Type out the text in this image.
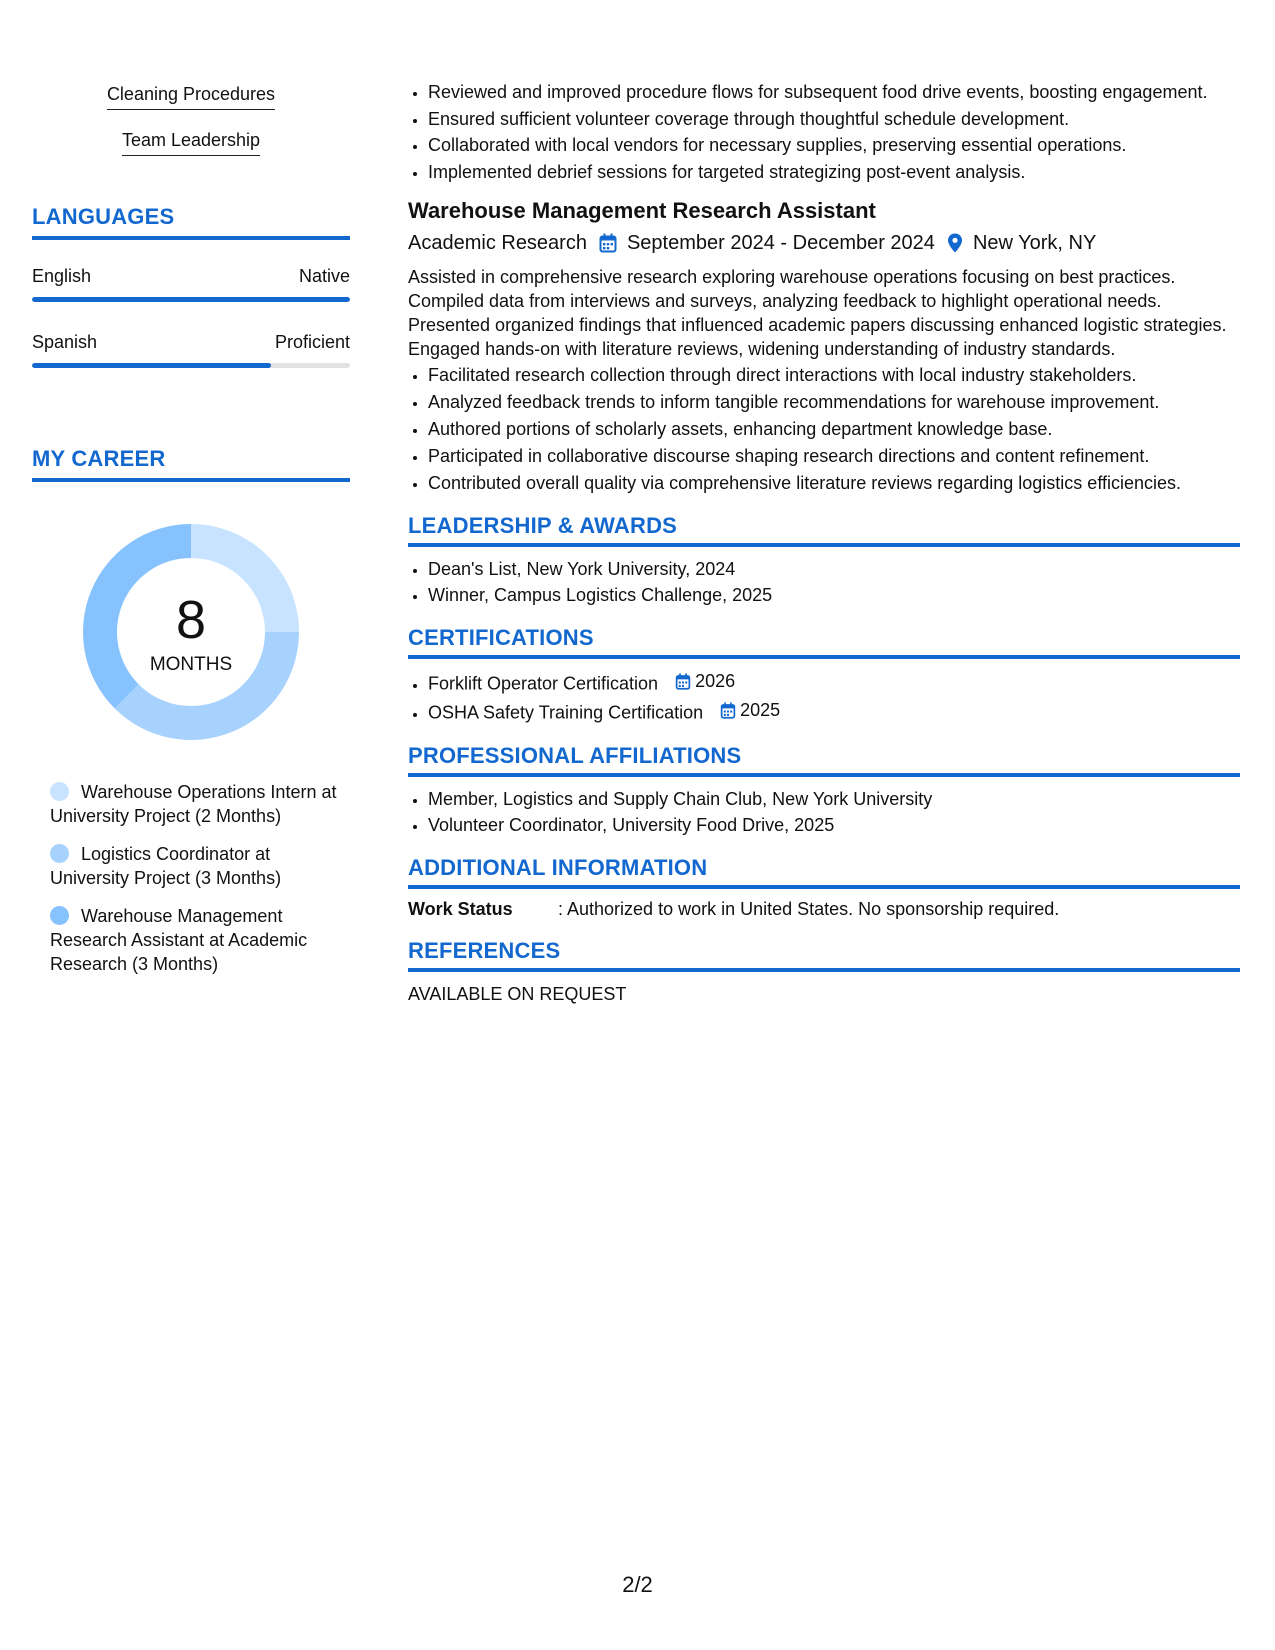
Cleaning Procedures
Team Leadership
LANGUAGES
English	Native
Spanish	Proficient
MY CAREER
8
MONTHS
Warehouse Operations Intern at University Project (2 Months)
Logistics Coordinator at University Project (3 Months)
Warehouse Management Research Assistant at Academic Research (3 Months)
• Reviewed and improved procedure flows for subsequent food drive events, boosting engagement.
• Ensured sufficient volunteer coverage through thoughtful schedule development.
• Collaborated with local vendors for necessary supplies, preserving essential operations.
• Implemented debrief sessions for targeted strategizing post-event analysis.
Warehouse Management Research Assistant
Academic Research September 2024 - December 2024 New York, NY
Assisted in comprehensive research exploring warehouse operations focusing on best practices. Compiled data from interviews and surveys, analyzing feedback to highlight operational needs. Presented organized findings that influenced academic papers discussing enhanced logistic strategies. Engaged hands-on with literature reviews, widening understanding of industry standards.
• Facilitated research collection through direct interactions with local industry stakeholders.
• Analyzed feedback trends to inform tangible recommendations for warehouse improvement.
• Authored portions of scholarly assets, enhancing department knowledge base.
• Participated in collaborative discourse shaping research directions and content refinement.
• Contributed overall quality via comprehensive literature reviews regarding logistics efficiencies.
LEADERSHIP & AWARDS
• Dean's List, New York University, 2024
• Winner, Campus Logistics Challenge, 2025
CERTIFICATIONS
• Forklift Operator Certification 2026
• OSHA Safety Training Certification 2025
PROFESSIONAL AFFILIATIONS
• Member, Logistics and Supply Chain Club, New York University
• Volunteer Coordinator, University Food Drive, 2025
ADDITIONAL INFORMATION
Work Status	: Authorized to work in United States. No sponsorship required.
REFERENCES
AVAILABLE ON REQUEST
2/2
